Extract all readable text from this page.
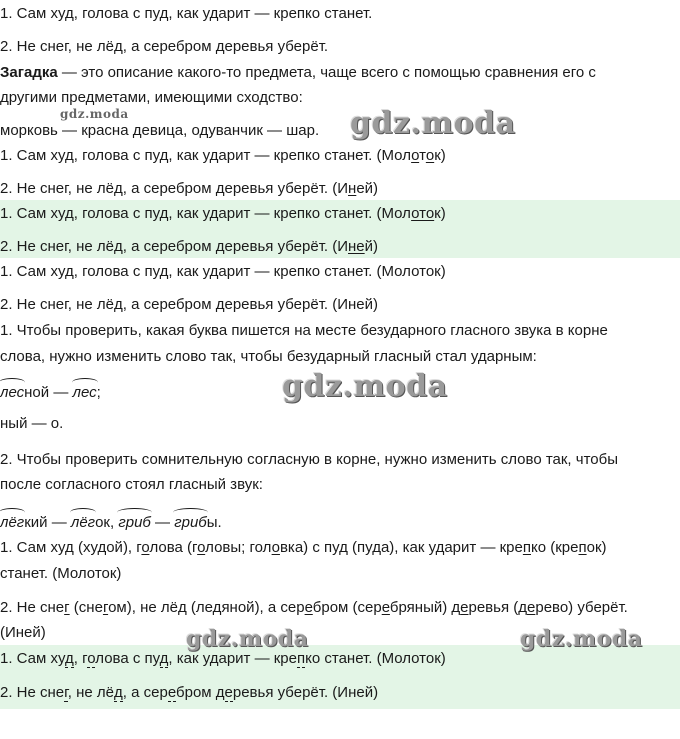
1. Сам худ, голова с пуд, как ударит — крепко станет.
2. Не снег, не лёд, а серебром деревья уберёт.
Загадка — это описание какого-то предмета, чаще всего с помощью сравнения его с
другими предметами, имеющими сходство:
морковь — красна девица, одуванчик — шар.
1. Сам худ, голова с пуд, как ударит — крепко станет. (Молоток)
2. Не снег, не лёд, а серебром деревья уберёт. (Иней)
1. Сам худ, голова с пуд, как ударит — крепко станет. (Молоток)
2. Не снег, не лёд, а серебром деревья уберёт. (Иней)
1. Сам худ, голова с пуд, как ударит — крепко станет. (Молоток)
2. Не снег, не лёд, а серебром деревья уберёт. (Иней)
1. Чтобы проверить, какая буква пишется на месте безударного гласного звука в корне
слова, нужно изменить слово так, чтобы безударный гласный стал ударным:
лесной — лес;
ный — о.
2. Чтобы проверить сомнительную согласную в корне, нужно изменить слово так, чтобы
после согласного стоял гласный звук:
лёгкий — лёгок, гриб — грибы.
1. Сам худ (худой), голова (головы; головка) с пуд (пуда), как ударит — крепко (крепок)
станет. (Молоток)
2. Не снег (снегом), не лёд (ледяной), а серебром (серебряный) деревья (дерево) уберёт.
(Иней)
1. Сам худ, голова с пуд, как ударит — крепко станет. (Молоток)
2. Не снег, не лёд, а серебром деревья уберёт. (Иней)
gdz.moda	gdz.moda
gdz.moda
gdz.moda	gdz.moda
